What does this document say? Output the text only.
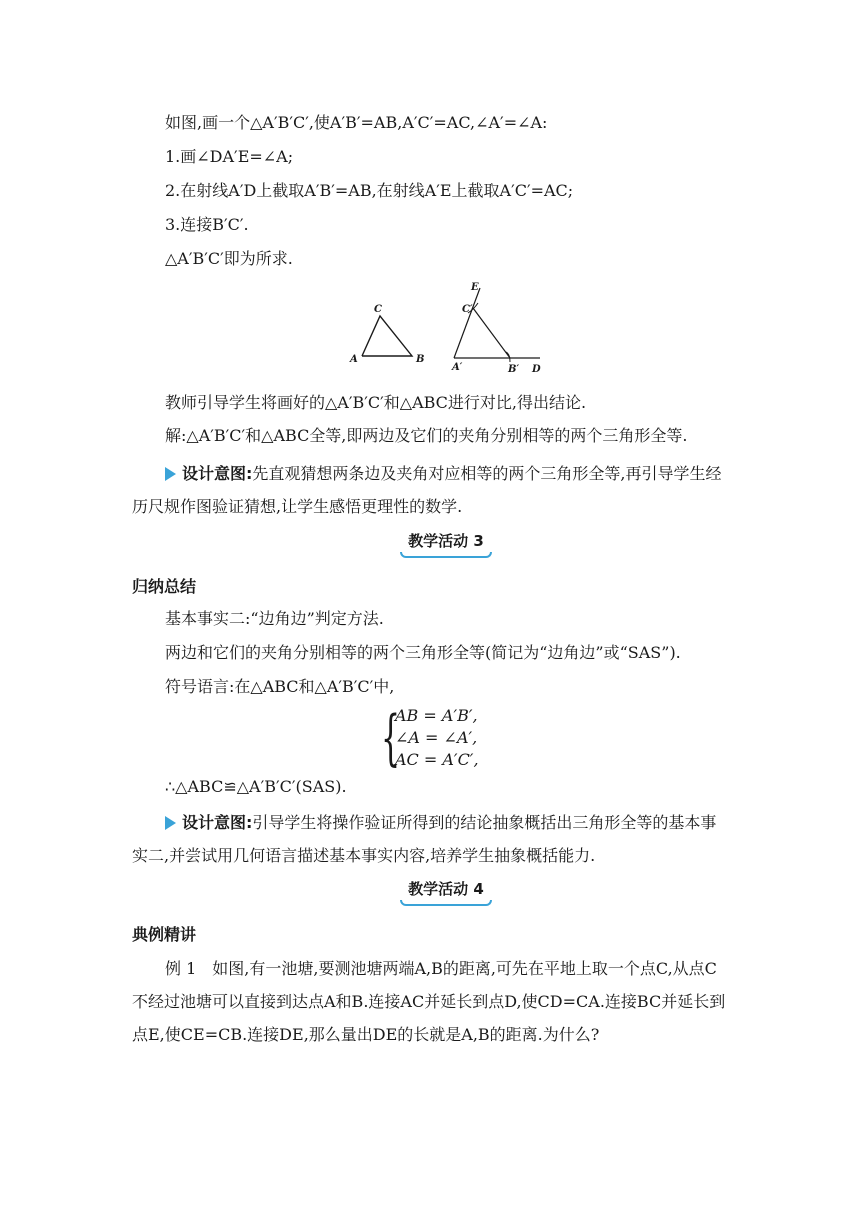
如图,画一个△A′B′C′,使A′B′=AB,A′C′=AC,∠A′=∠A:
1.画∠DA′E=∠A;
2.在射线A′D上截取A′B′=AB,在射线A′E上截取A′C′=AC;
3.连接B′C′.
△A′B′C′即为所求.
A
C
B
A′	B′
C′
D
E
教师引导学生将画好的△A′B′C′和△ABC进行对比,得出结论.
解:△A′B′C′和△ABC全等,即两边及它们的夹角分别相等的两个三角形全等.
设计意图:先直观猜想两条边及夹角对应相等的两个三角形全等,再引导学生经历尺规作图验证猜想,让学生感悟更理性的数学.
教学活动 3
归纳总结
基本事实二:“边角边”判定方法.
两边和它们的夹角分别相等的两个三角形全等(简记为“边角边”或“SAS”).
符号语言:在△ABC和△A′B′C′中,
{
AB = A′B′,
∠A = ∠A′,
AC = A′C′,
∴△ABC≌△A′B′C′(SAS).
设计意图:引导学生将操作验证所得到的结论抽象概括出三角形全等的基本事实二,并尝试用几何语言描述基本事实内容,培养学生抽象概括能力.
教学活动 4
典例精讲
例 1　如图,有一池塘,要测池塘两端A,B的距离,可先在平地上取一个点C,从点C不经过池塘可以直接到达点A和B.连接AC并延长到点D,使CD=CA.连接BC并延长到点E,使CE=CB.连接DE,那么量出DE的长就是A,B的距离.为什么?
